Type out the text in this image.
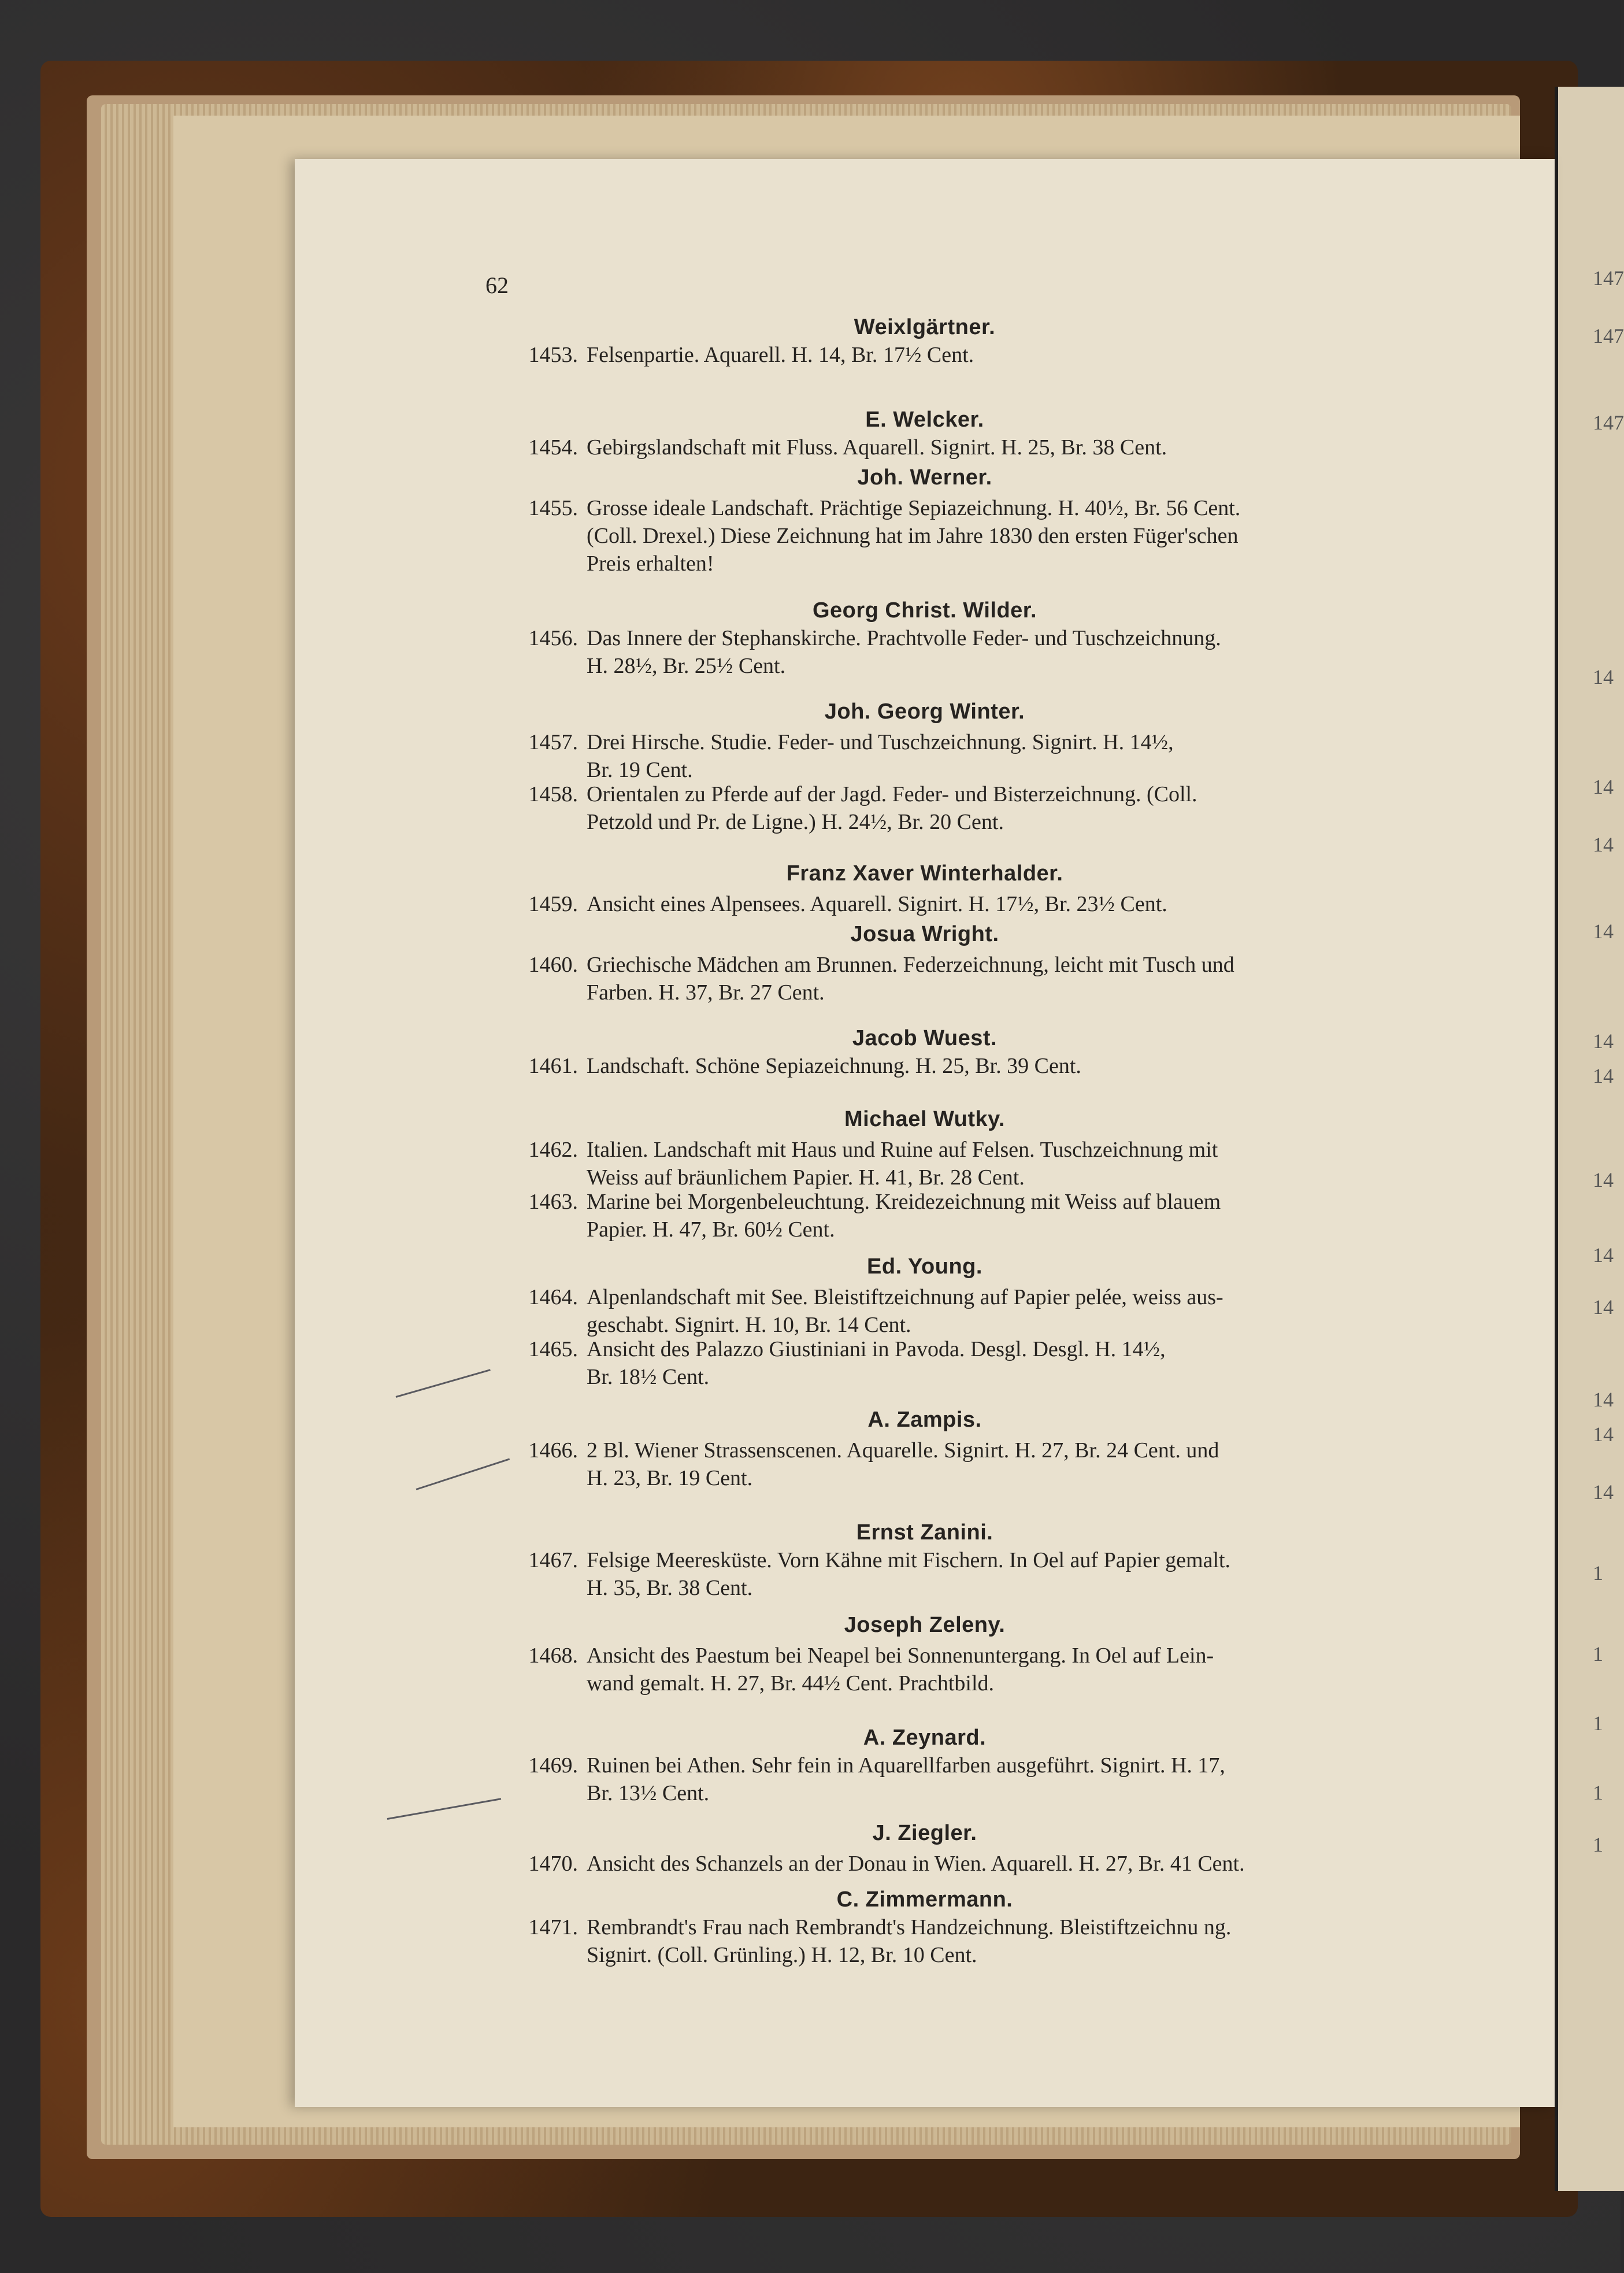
147
147
147
14
14
14
14
14
14
14
14
14
14
14
14
1
1
1
1
1
62
Weixlgärtner.
1453. Felsenpartie. Aquarell. H. 14, Br. 17½ Cent.
E. Welcker.
1454. Gebirgslandschaft mit Fluss. Aquarell. Signirt. H. 25, Br. 38 Cent.
Joh. Werner.
1455. Grosse ideale Landschaft. Prächtige Sepiazeichnung. H. 40½, Br. 56 Cent.
(Coll. Drexel.) Diese Zeichnung hat im Jahre 1830 den ersten Füger'schen
Preis erhalten!
Georg Christ. Wilder.
1456. Das Innere der Stephanskirche. Prachtvolle Feder- und Tuschzeichnung.
H. 28½, Br. 25½ Cent.
Joh. Georg Winter.
1457. Drei Hirsche. Studie. Feder- und Tuschzeichnung. Signirt. H. 14½,
Br. 19 Cent.
1458. Orientalen zu Pferde auf der Jagd. Feder- und Bisterzeichnung. (Coll.
Petzold und Pr. de Ligne.) H. 24½, Br. 20 Cent.
Franz Xaver Winterhalder.
1459. Ansicht eines Alpensees. Aquarell. Signirt. H. 17½, Br. 23½ Cent.
Josua Wright.
1460. Griechische Mädchen am Brunnen. Federzeichnung, leicht mit Tusch und
Farben. H. 37, Br. 27 Cent.
Jacob Wuest.
1461. Landschaft. Schöne Sepiazeichnung. H. 25, Br. 39 Cent.
Michael Wutky.
1462. Italien. Landschaft mit Haus und Ruine auf Felsen. Tuschzeichnung mit
Weiss auf bräunlichem Papier. H. 41, Br. 28 Cent.
1463. Marine bei Morgenbeleuchtung. Kreidezeichnung mit Weiss auf blauem
Papier. H. 47, Br. 60½ Cent.
Ed. Young.
1464. Alpenlandschaft mit See. Bleistiftzeichnung auf Papier pelée, weiss aus-
geschabt. Signirt. H. 10, Br. 14 Cent.
1465. Ansicht des Palazzo Giustiniani in Pavoda. Desgl. Desgl. H. 14½,
Br. 18½ Cent.
A. Zampis.
1466. 2 Bl. Wiener Strassenscenen. Aquarelle. Signirt. H. 27, Br. 24 Cent. und
H. 23, Br. 19 Cent.
Ernst Zanini.
1467. Felsige Meeresküste. Vorn Kähne mit Fischern. In Oel auf Papier gemalt.
H. 35, Br. 38 Cent.
Joseph Zeleny.
1468. Ansicht des Paestum bei Neapel bei Sonnenuntergang. In Oel auf Lein-
wand gemalt. H. 27, Br. 44½ Cent. Prachtbild.
A. Zeynard.
1469. Ruinen bei Athen. Sehr fein in Aquarellfarben ausgeführt. Signirt. H. 17,
Br. 13½ Cent.
J. Ziegler.
1470. Ansicht des Schanzels an der Donau in Wien. Aquarell. H. 27, Br. 41 Cent.
C. Zimmermann.
1471. Rembrandt's Frau nach Rembrandt's Handzeichnung. Bleistiftzeichnu ng.
Signirt. (Coll. Grünling.) H. 12, Br. 10 Cent.
